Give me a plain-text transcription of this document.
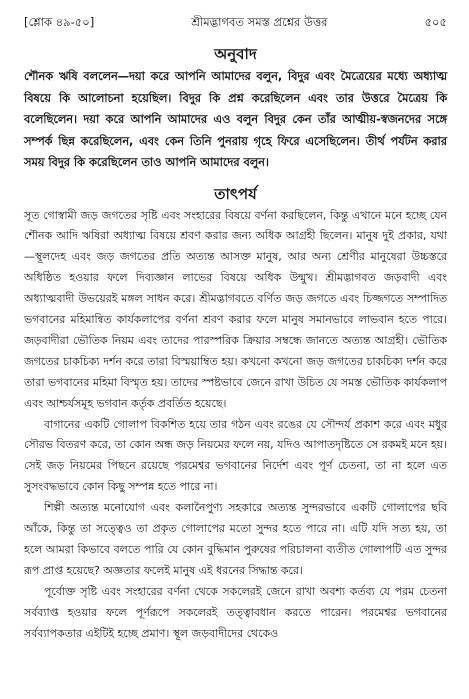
[শ্লোক ৪৯-৫০]	শ্রীমদ্ভাগবত সমস্ত প্রশ্নের উত্তর	৫০৫
অনুবাদ

শৌনক ঋষি বললেন—দয়া করে আপনি আমাদের বলুন, বিদুর এবং মৈত্রেয়ের মধ্যে অধ্যাত্ম বিষয়ে কি আলোচনা হয়েছিল। বিদুর কি প্রশ্ন করেছিলেন এবং তার উত্তরে মৈত্রেয় কি বলেছিলেন। দয়া করে আপনি আমাদের এও বলুন বিদুর কেন তাঁর আত্মীয়-স্বজনদের সঙ্গে সম্পর্ক ছিন্ন করেছিলেন, এবং কেন তিনি পুনরায় গৃহে ফিরে এসেছিলেন। তীর্থ পর্যটন করার সময় বিদুর কি করেছিলেন তাও আপনি আমাদের বলুন।

তাৎপর্য

সূত গোস্বামী জড় জগতের সৃষ্টি এবং সংহারের বিষয়ে বর্ণনা করছিলেন, কিন্তু এখানে মনে হচ্ছে যেন শৌনক আদি ঋষিরা অধ্যাত্ম বিষয়ে শ্রবণ করার জন্য অধিক আগ্রহী ছিলেন। মানুষ দুই প্রকার, যথা—স্থূলদেহ এবং জড় জগতের প্রতি অত্যন্ত আসক্ত মানুষ, আর অন্য শ্রেণীর মানুষেরা উচ্চস্তরে অধিষ্ঠিত হওয়ার ফলে দিব্যজ্ঞান লাভের বিষয়ে অধিক উন্মুখ। শ্রীমদ্ভাগবত জড়বাদী এবং অধ্যাত্মবাদী উভয়েরই মঙ্গল সাধন করে। শ্রীমদ্ভাগবতে বর্ণিত জড় জগতে এবং চিজ্জগতে সম্পাদিত ভগবানের মহিমান্বিত কার্যকলাপের বর্ণনা শ্রবণ করার ফলে মানুষ সমানভাবে লাভবান হতে পারে। জড়বাদীরা ভৌতিক নিয়ম এবং তাদের পারস্পরিক ক্রিয়ার সম্বন্ধে জানতে অত্যন্ত আগ্রহী। ভৌতিক জগতের চাকচিক্য দর্শন করে তারা বিস্ময়াম্বিত হয়। কখনো কখনো জড় জগতের চাকচিক্য দর্শন করে তারা ভগবানের মহিমা বিস্মৃত হয়। তাদের স্পষ্টভাবে জেনে রাখা উচিত যে সমস্ত ভৌতিক কার্যকলাপ এবং আশ্চর্যসমূহ ভগবান কর্তৃক প্রবর্তিত হয়েছে।

বাগানের একটি গোলাপ বিকশিত হয়ে তার গঠন এবং রঙের যে সৌন্দর্য প্রকাশ করে এবং মধুর সৌরভ বিতরণ করে, তা কোন অন্ধ জড় নিয়মের ফলে নয়, যদিও আপাতদৃষ্টিতে সে রকমই মনে হয়। সেই জড় নিয়মের পিছনে রয়েছে পরমেশ্বর ভগবানের নির্দেশ এবং পূর্ণ চেতনা, তা না হলে এত সুসংবদ্ধভাবে কোন কিছু সম্পন্ন হতে পারে না।

শিল্পী অত্যন্ত মনোযোগ এবং কলানৈপুণ্য সহকারে অত্যন্ত সুন্দরভাবে একটি গোলাপের ছবি আঁকে, কিন্তু তা সত্ত্বেও তা প্রকৃত গোলাপের মতো সুন্দর হতে পারে না। এটি যদি সত্য হয়, তা হলে আমরা কিভাবে বলতে পারি যে কোন বুদ্ধিমান পুরুষের পরিচালনা ব্যতীত গোলাপটি এত সুন্দর রূপ প্রাপ্ত হয়েছে? অজ্ঞতার ফলেই মানুষ এই ধরনের সিদ্ধান্ত করে।

পূর্বোক্ত সৃষ্টি এবং সংহারের বর্ণনা থেকে সকলেরই জেনে রাখা অবশ্য কর্তব্য যে পরম চেতনা সর্বব্যাপ্ত হওয়ার ফলে পূর্ণরূপে সকলেরই তত্ত্বাবধান করতে পারেন। পরমেশ্বর ভগবানের সর্বব্যাপকতার এইটিই হচ্ছে প্রমাণ। স্থূল জড়বাদীদের থেকেও
